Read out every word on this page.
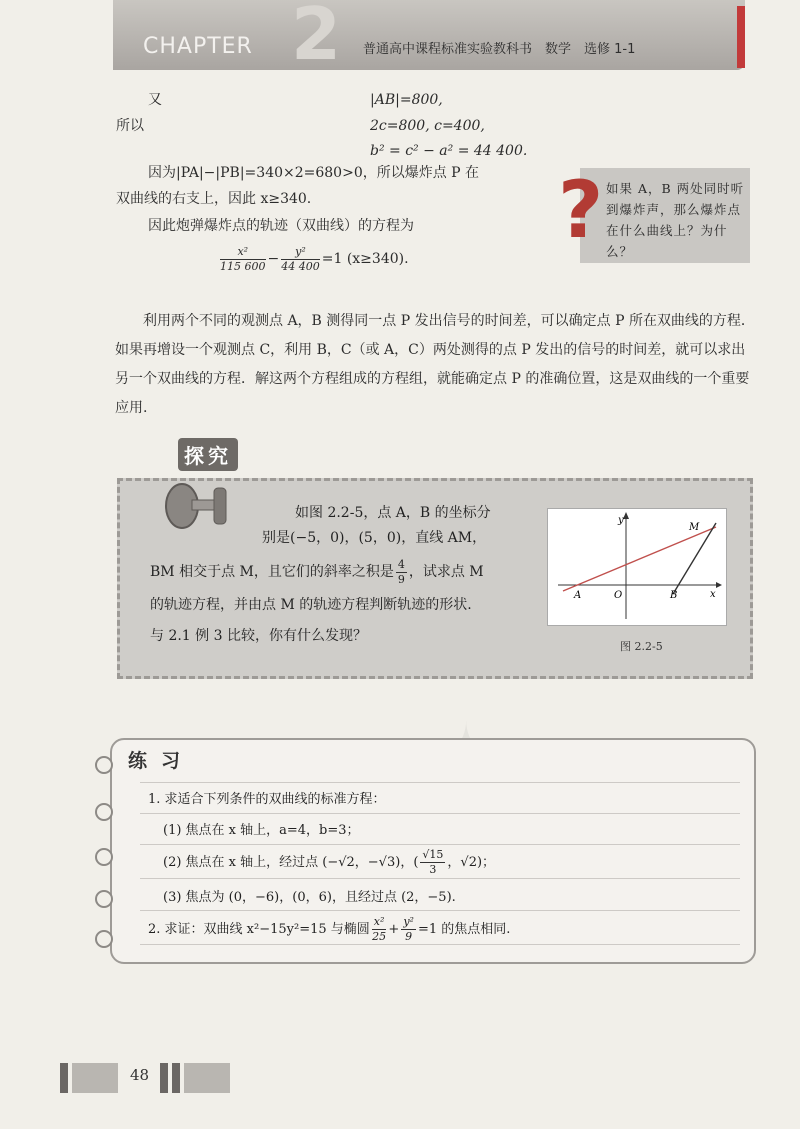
2
CHAPTER	普通高中课程标准实验教科书　数学　选修 1-1
又
所以
|AB|=800,
2c=800, c=400,
b² = c² − a² = 44 400.
因为|PA|−|PB|=340×2=680>0，所以爆炸点 P 在
双曲线的右支上，因此 x≥340.
因此炮弹爆炸点的轨迹（双曲线）的方程为
$\frac{\text{x²}}{115 600} - \frac{\text{y²}}{44 400} =1$ (x≥340).
? 如果 A，B 两处同时听到爆炸声，那么爆炸点在什么曲线上？为什么？
利用两个不同的观测点 A，B 测得同一点 P 发出信号的时间差，可以确定点 P 所在双曲线的方程．如果再增设一个观测点 C，利用 B，C（或 A，C）两处测得的点 P 发出的信号的时间差，就可以求出另一个双曲线的方程．解这两个方程组成的方程组，就能确定点 P 的准确位置，这是双曲线的一个重要应用.
探究
如图 2.2-5，点 A，B 的坐标分
别是(−5，0)，(5，0)，直线 AM，
BM 相交于点 M，且它们的斜率之积是 $\frac{4}{9}$ ，试求点 M
的轨迹方程，并由点 M 的轨迹方程判断轨迹的形状.
与 2.1 例 3 比较，你有什么发现？
y
x
A	O	B
M
图 2.2-5
练习
1. 求适合下列条件的双曲线的标准方程：
(1) 焦点在 x 轴上，a=4，b=3；
(2) 焦点在 x 轴上，经过点 (−√2，−√3)，( $\frac{√15}{3}$ ，√2)；
(3) 焦点为 (0，−6)，(0，6)，且经过点 (2，−5).
2. 求证：双曲线 x²−15y²=15 与椭圆 $\frac{\text{x²}}{25} + \frac{\text{y²}}{9} =1$ 的焦点相同.
48
